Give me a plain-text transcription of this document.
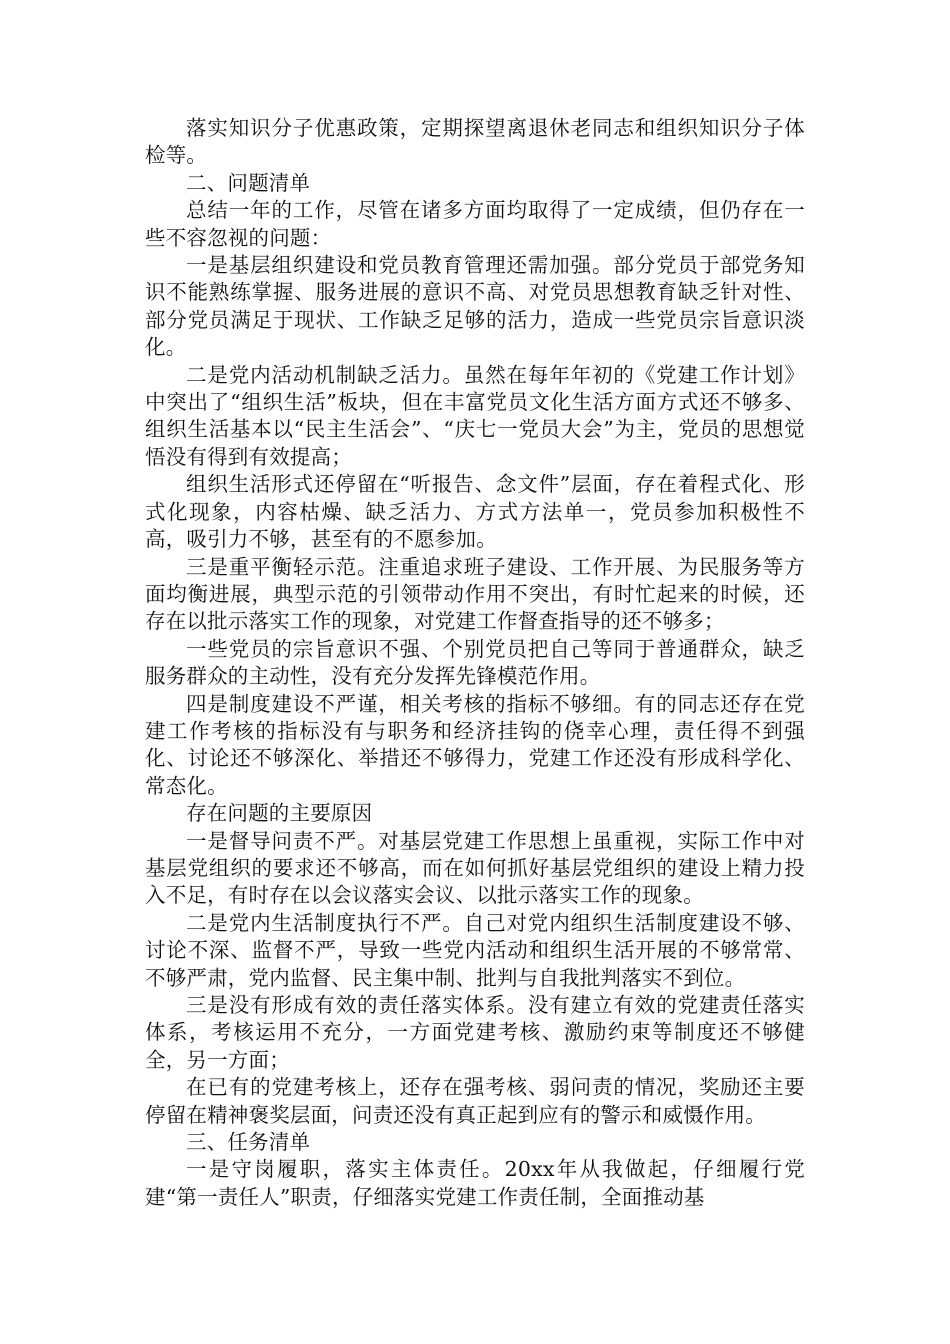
落实知识分子优惠政策，定期探望离退休老同志和组织知识分子体检等。

二、问题清单

总结一年的工作，尽管在诸多方面均取得了一定成绩，但仍存在一些不容忽视的问题：

一是基层组织建设和党员教育管理还需加强。部分党员于部党务知识不能熟练掌握、服务进展的意识不高、对党员思想教育缺乏针对性、部分党员满足于现状、工作缺乏足够的活力，造成一些党员宗旨意识淡化。

二是党内活动机制缺乏活力。虽然在每年年初的《党建工作计划》中突出了“组织生活”板块，但在丰富党员文化生活方面方式还不够多、组织生活基本以“民主生活会”、“庆七一党员大会”为主，党员的思想觉悟没有得到有效提高；

组织生活形式还停留在“听报告、念文件”层面，存在着程式化、形式化现象，内容枯燥、缺乏活力、方式方法单一，党员参加积极性不高，吸引力不够，甚至有的不愿参加。

三是重平衡轻示范。注重追求班子建设、工作开展、为民服务等方面均衡进展，典型示范的引领带动作用不突出，有时忙起来的时候，还存在以批示落实工作的现象，对党建工作督查指导的还不够多；

一些党员的宗旨意识不强、个别党员把自己等同于普通群众，缺乏服务群众的主动性，没有充分发挥先锋模范作用。

四是制度建设不严谨，相关考核的指标不够细。有的同志还存在党建工作考核的指标没有与职务和经济挂钩的侥幸心理，责任得不到强化、讨论还不够深化、举措还不够得力，党建工作还没有形成科学化、常态化。

存在问题的主要原因

一是督导问责不严。对基层党建工作思想上虽重视，实际工作中对基层党组织的要求还不够高，而在如何抓好基层党组织的建设上精力投入不足，有时存在以会议落实会议、以批示落实工作的现象。

二是党内生活制度执行不严。自己对党内组织生活制度建设不够、讨论不深、监督不严，导致一些党内活动和组织生活开展的不够常常、不够严肃，党内监督、民主集中制、批判与自我批判落实不到位。

三是没有形成有效的责任落实体系。没有建立有效的党建责任落实体系，考核运用不充分，一方面党建考核、激励约束等制度还不够健全，另一方面；

在已有的党建考核上，还存在强考核、弱问责的情况，奖励还主要停留在精神褒奖层面，问责还没有真正起到应有的警示和威慑作用。

三、任务清单

一是守岗履职，落实主体责任。20xx年从我做起，仔细履行党建“第一责任人”职责，仔细落实党建工作责任制，全面推动基
